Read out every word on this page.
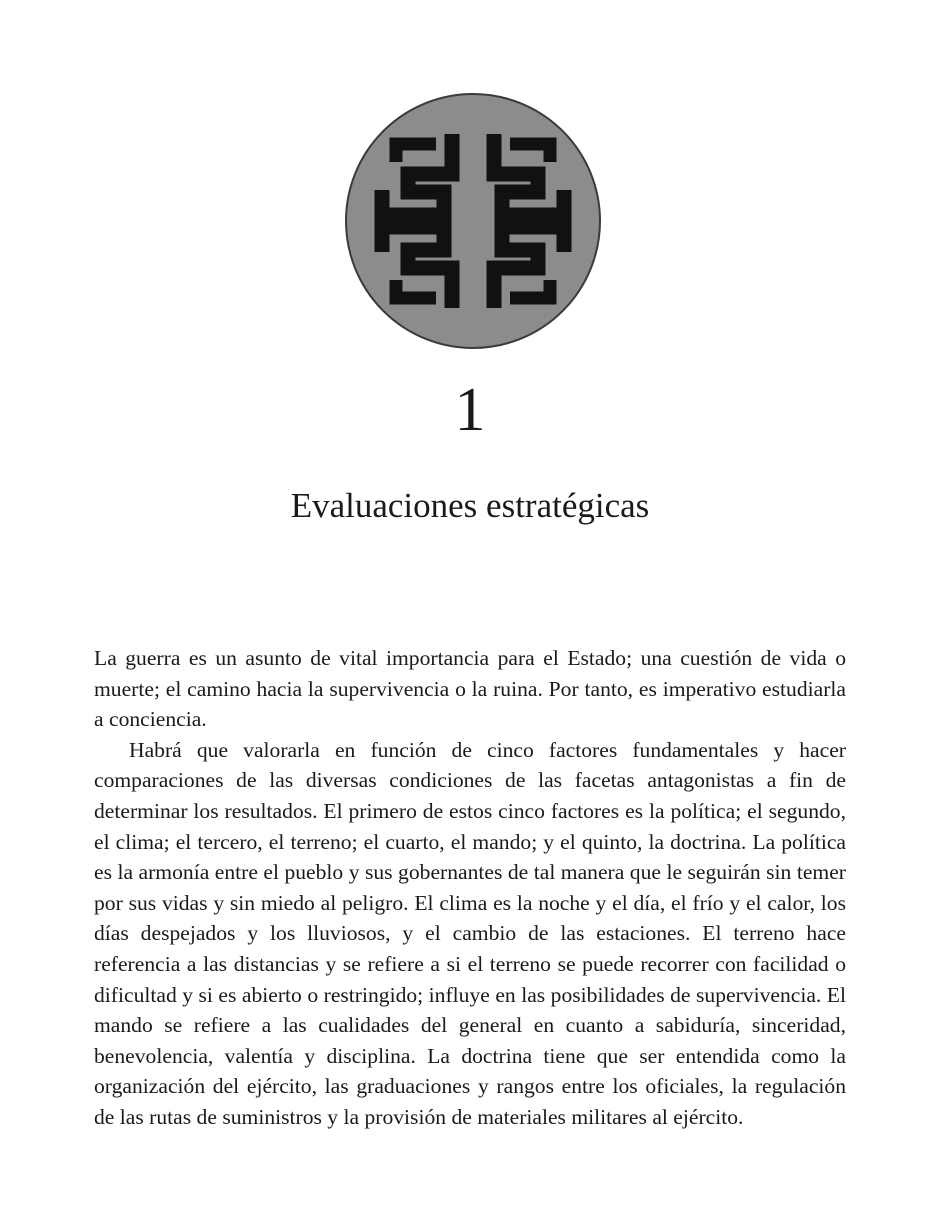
1
Evaluaciones estratégicas

La guerra es un asunto de vital importancia para el Estado; una cuestión de vida o muerte; el camino hacia la supervivencia o la ruina. Por tanto, es imperativo estudiarla a conciencia.

Habrá que valorarla en función de cinco factores fundamentales y hacer comparaciones de las diversas condiciones de las facetas antagonistas a fin de determinar los resultados. El primero de estos cinco factores es la política; el segundo, el clima; el tercero, el terreno; el cuarto, el mando; y el quinto, la doctrina. La política es la armonía entre el pueblo y sus gobernantes de tal manera que le seguirán sin temer por sus vidas y sin miedo al peligro. El clima es la noche y el día, el frío y el calor, los días despejados y los lluviosos, y el cambio de las estaciones. El terreno hace referencia a las distancias y se refiere a si el terreno se puede recorrer con facilidad o dificultad y si es abierto o restringido; influye en las posibilidades de supervivencia. El mando se refiere a las cualidades del general en cuanto a sabiduría, sinceridad, benevolencia, valentía y disciplina. La doctrina tiene que ser entendida como la organización del ejército, las graduaciones y rangos entre los oficiales, la regulación de las rutas de suministros y la provisión de materiales militares al ejército.
